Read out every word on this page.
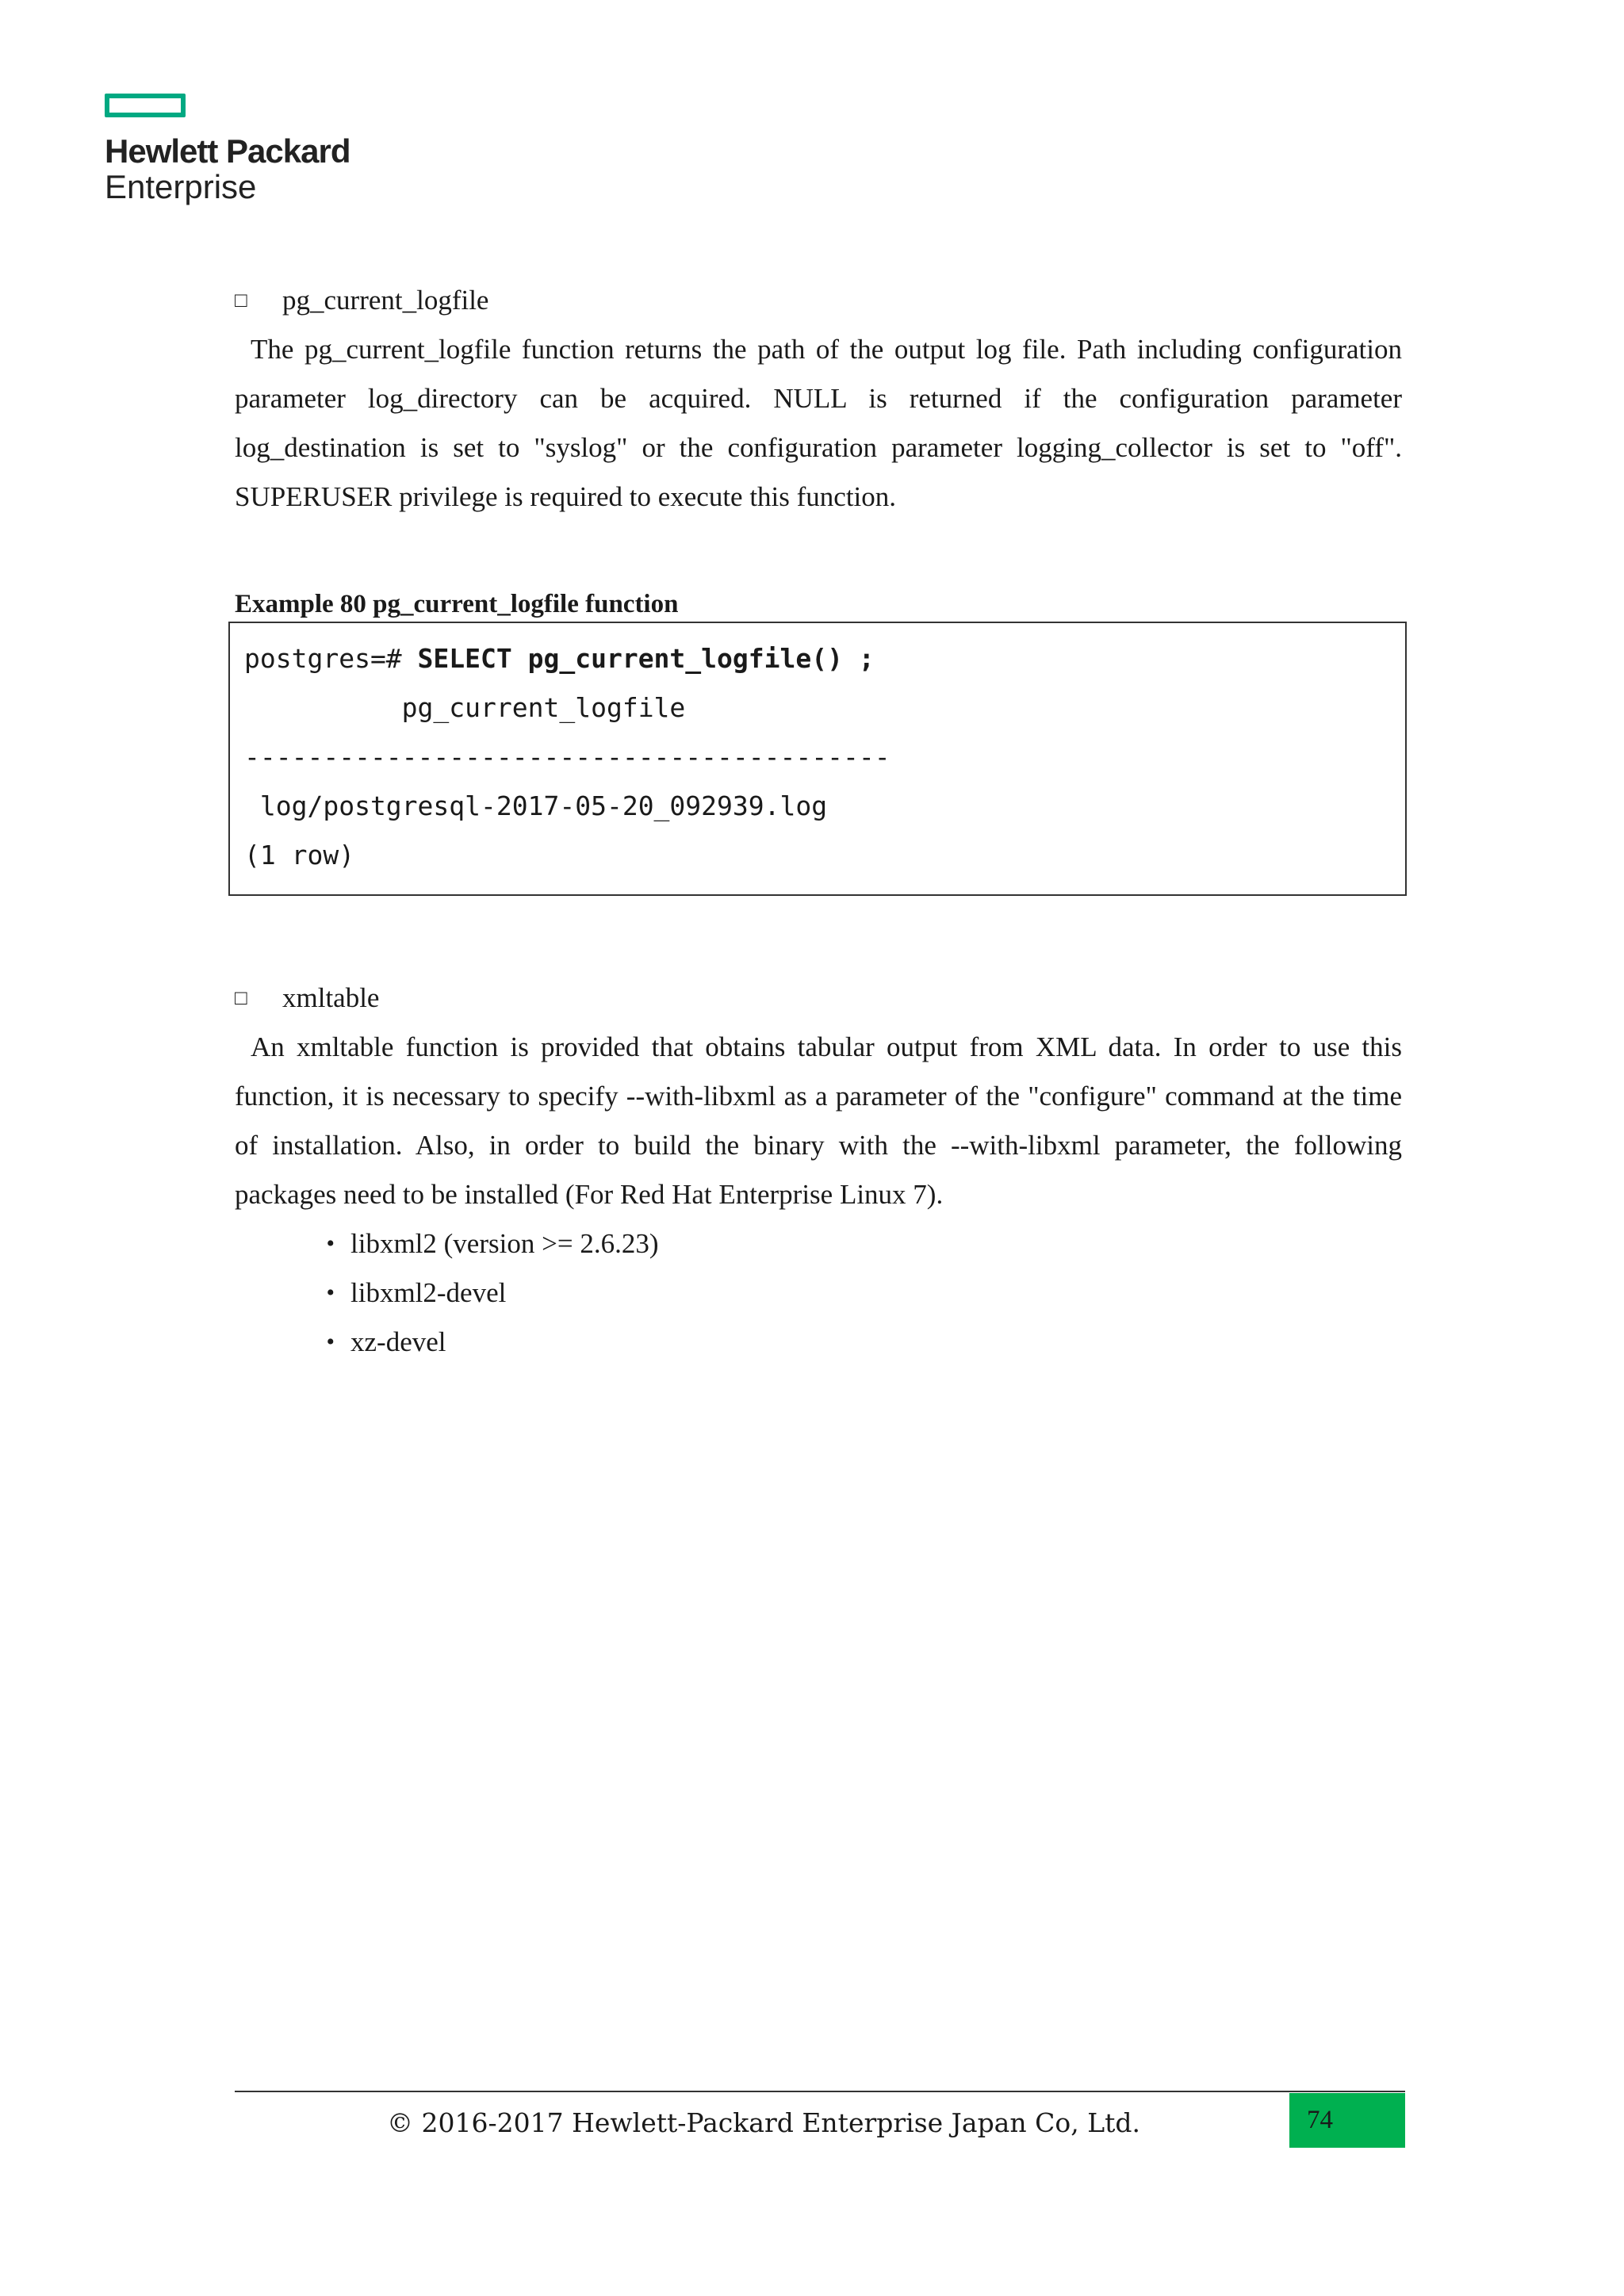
Hewlett Packard
Enterprise
□	pg_current_logfile

The pg_current_logfile function returns the path of the output log file. Path including configuration parameter log_directory can be acquired. NULL is returned if the configuration parameter log_destination is set to "syslog" or the configuration parameter logging_collector is set to "off". SUPERUSER privilege is required to execute this function.

Example 80 pg_current_logfile function
postgres=# SELECT pg_current_logfile() ;
pg_current_logfile
-----------------------------------------
log/postgresql-2017-05-20_092939.log
(1 row)
□	xmltable

An xmltable function is provided that obtains tabular output from XML data. In order to use this function, it is necessary to specify --with-libxml as a parameter of the "configure" command at the time of installation. Also, in order to build the binary with the --with-libxml parameter, the following packages need to be installed (For Red Hat Enterprise Linux 7).

• libxml2 (version >= 2.6.23)
• libxml2-devel
• xz-devel
© 2016-2017 Hewlett-Packard Enterprise Japan Co, Ltd.	74
